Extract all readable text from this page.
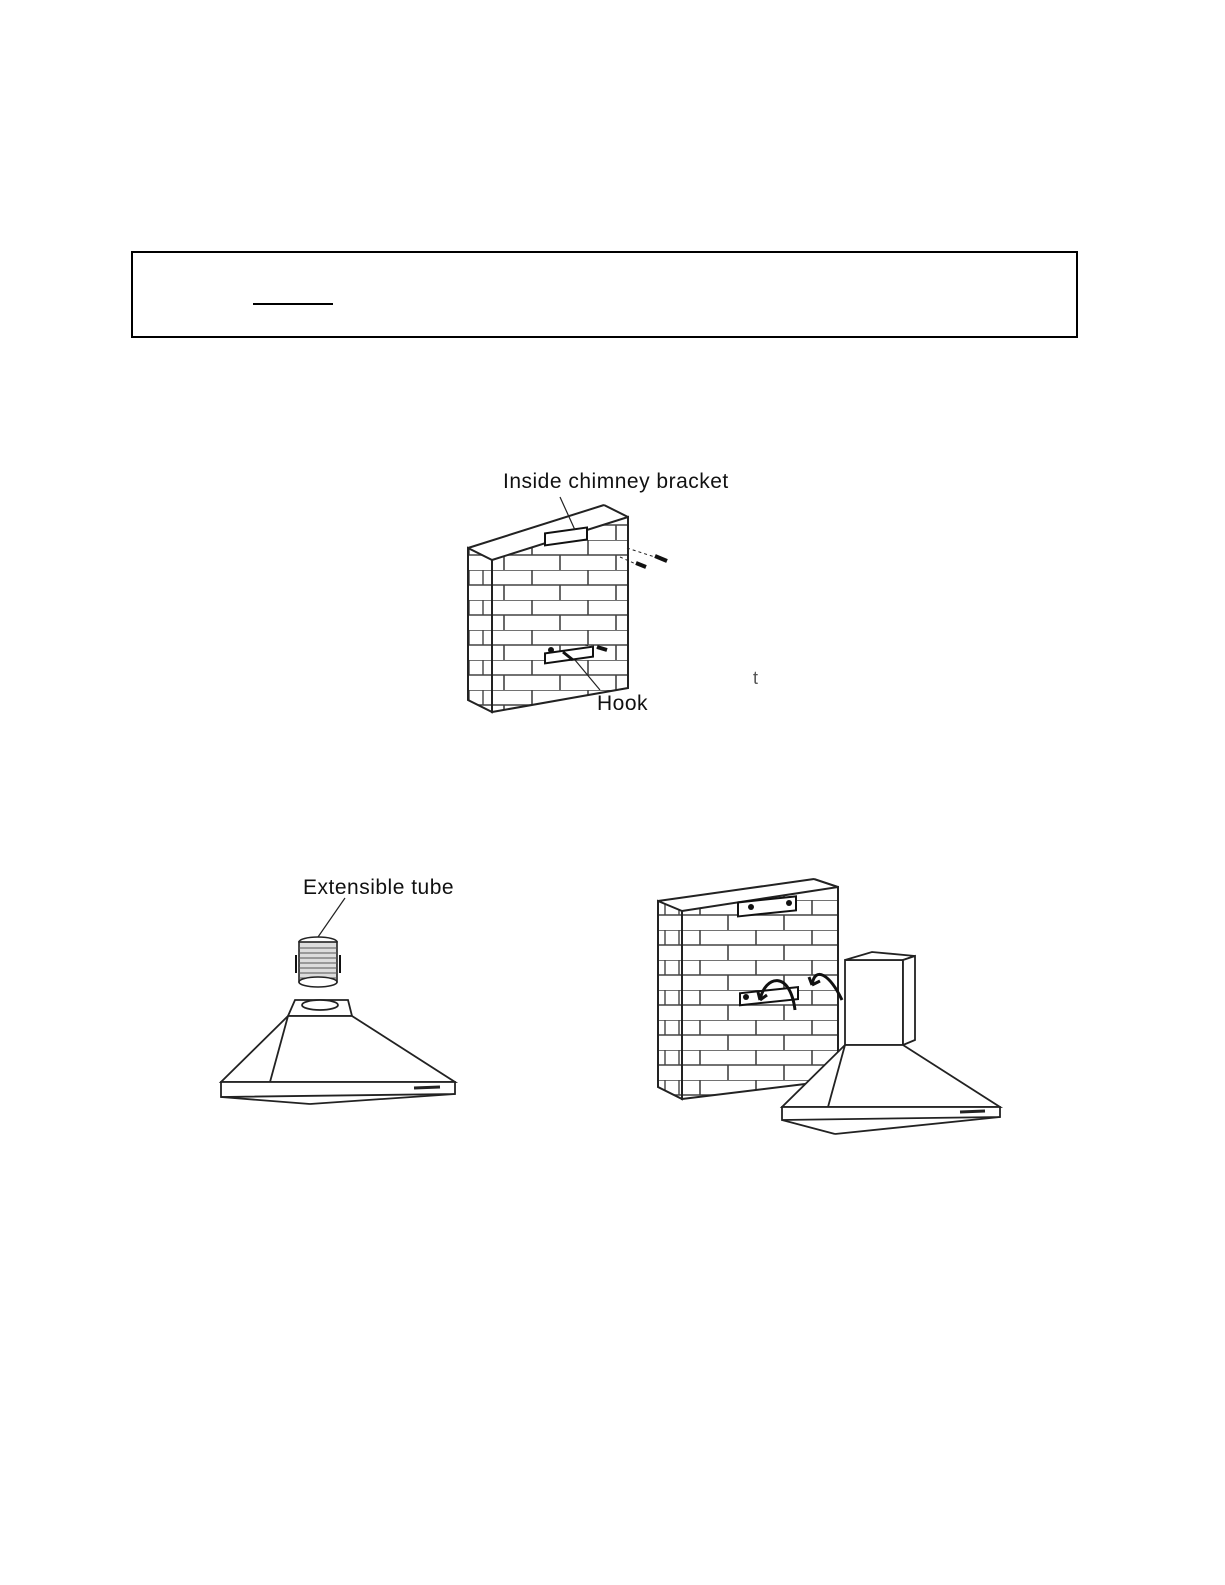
Inside chimney bracket
Hook
t
Extensible tube
